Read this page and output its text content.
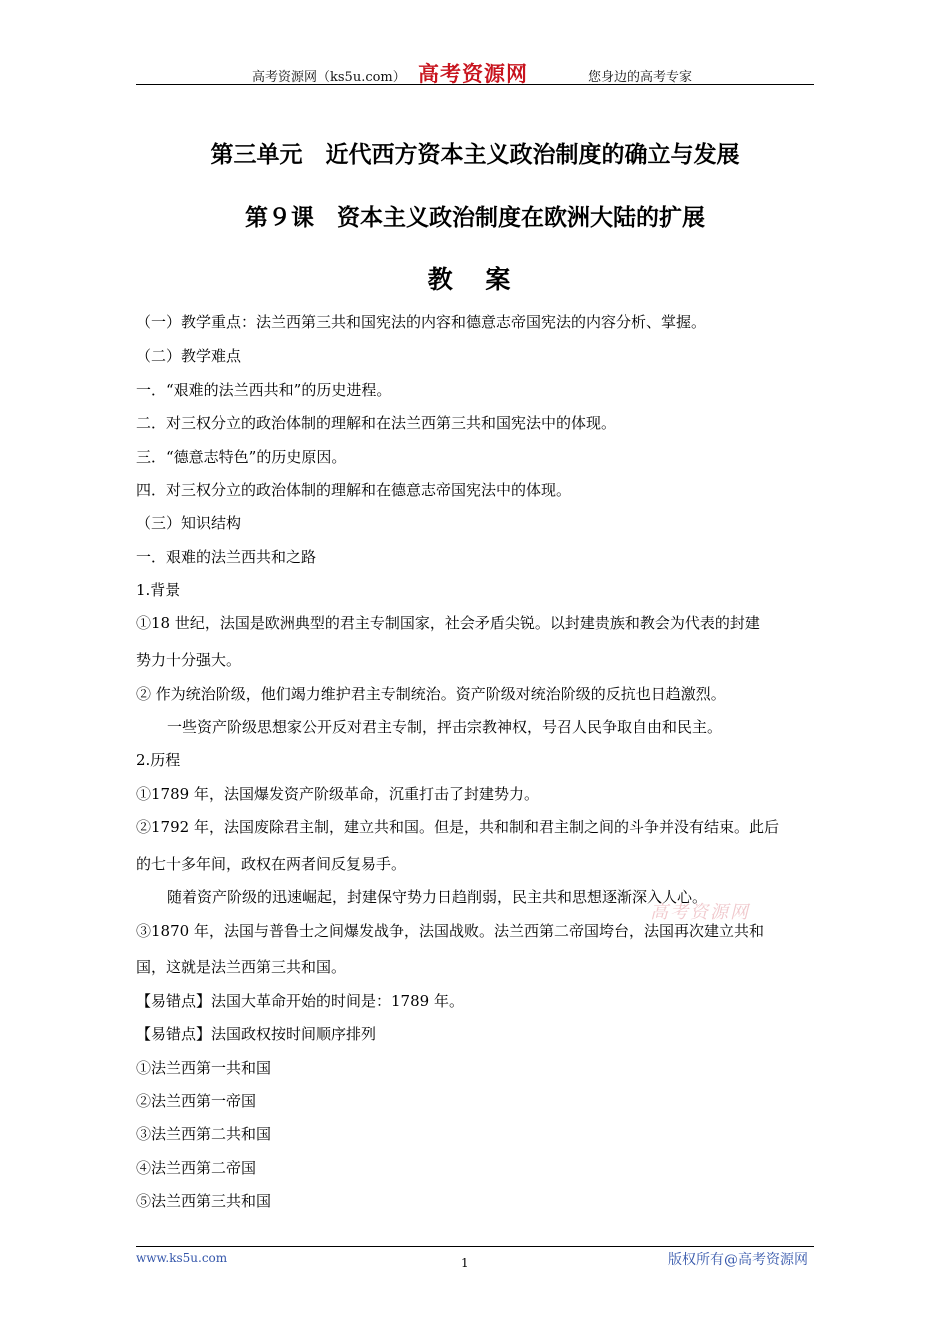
高考资源网（ks5u.com） 高考资源网	您身边的高考专家
第三单元　近代西方资本主义政治制度的确立与发展
第９课　资本主义政治制度在欧洲大陆的扩展
教 案
（一）教学重点：法兰西第三共和国宪法的内容和德意志帝国宪法的内容分析、掌握。
（二）教学难点
一．“艰难的法兰西共和”的历史进程。
二．对三权分立的政治体制的理解和在法兰西第三共和国宪法中的体现。
三．“德意志特色”的历史原因。
四．对三权分立的政治体制的理解和在德意志帝国宪法中的体现。
（三）知识结构
一．艰难的法兰西共和之路
1.背景
①18 世纪，法国是欧洲典型的君主专制国家，社会矛盾尖锐。以封建贵族和教会为代表的封建
势力十分强大。
② 作为统治阶级，他们竭力维护君主专制统治。资产阶级对统治阶级的反抗也日趋激烈。
一些资产阶级思想家公开反对君主专制，抨击宗教神权，号召人民争取自由和民主。
2.历程
①1789 年，法国爆发资产阶级革命，沉重打击了封建势力。
②1792 年，法国废除君主制，建立共和国。但是，共和制和君主制之间的斗争并没有结束。此后
的七十多年间，政权在两者间反复易手。
随着资产阶级的迅速崛起，封建保守势力日趋削弱，民主共和思想逐渐深入人心。
③1870 年，法国与普鲁士之间爆发战争，法国战败。法兰西第二帝国垮台，法国再次建立共和
国，这就是法兰西第三共和国。
【易错点】法国大革命开始的时间是：1789 年。
【易错点】法国政权按时间顺序排列
①法兰西第一共和国
②法兰西第一帝国
③法兰西第二共和国
④法兰西第二帝国
⑤法兰西第三共和国
高考资源网
www.ks5u.com	版权所有@高考资源网
1
